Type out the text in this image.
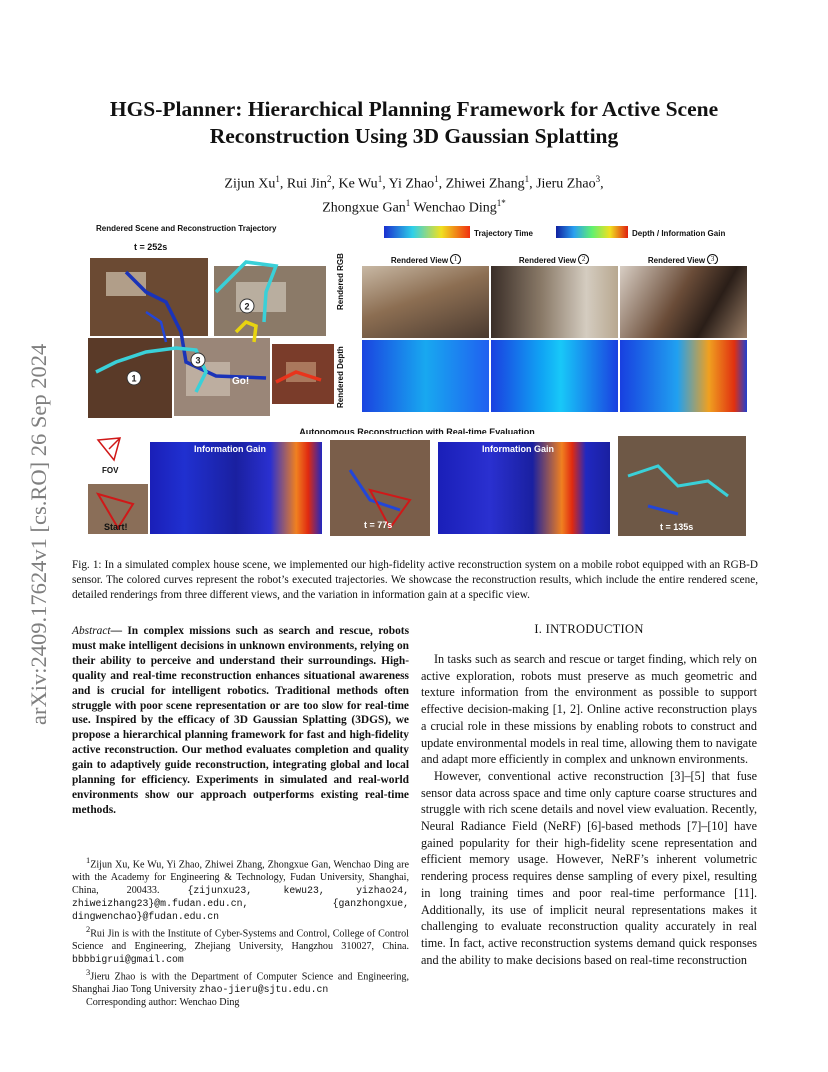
arXiv:2409.17624v1 [cs.RO] 26 Sep 2024
HGS-Planner: Hierarchical Planning Framework for Active Scene
Reconstruction Using 3D Gaussian Splatting
Zijun Xu$^1$, Rui Jin$^2$, Ke Wu$^1$, Yi Zhao$^1$, Zhiwei Zhang$^1$, Jieru Zhao$^3$,
Zhongxue Gan$^1$ Wenchao Ding$^{1*}$
Rendered Scene and Reconstruction Trajectory
t = 252s
2
3
1	Go!
Trajectory Time	Depth / Information Gain
Rendered RGB
Rendered Depth
Rendered View 1	Rendered View 2	Rendered View 3
Autonomous Reconstruction with Real-time Evaluation
FOV
Start!
Information Gain
t = 77s
Information Gain
t = 135s
Fig. 1: In a simulated complex house scene, we implemented our high-fidelity active reconstruction system on a mobile robot equipped with an RGB-D sensor. The colored curves represent the robot’s executed trajectories. We showcase the reconstruction results, which include the entire rendered scene, detailed renderings from three different views, and the variation in information gain at a specific view.
Abstract— In complex missions such as search and rescue, robots must make intelligent decisions in unknown environments, relying on their ability to perceive and understand their surroundings. High-quality and real-time reconstruction enhances situational awareness and is crucial for intelligent robotics. Traditional methods often struggle with poor scene representation or are too slow for real-time use. Inspired by the efficacy of 3D Gaussian Splatting (3DGS), we propose a hierarchical planning framework for fast and high-fidelity active reconstruction. Our method evaluates completion and quality gain to adaptively guide reconstruction, integrating global and local planning for efficiency. Experiments in simulated and real-world environments show our approach outperforms existing real-time methods.

$^1$Zijun Xu, Ke Wu, Yi Zhao, Zhiwei Zhang, Zhongxue Gan, Wenchao Ding are with the Academy for Engineering & Technology, Fudan University, Shanghai, China, 200433. {zijunxu23, kewu23, yizhao24, zhiweizhang23}@m.fudan.edu.cn, {ganzhongxue, dingwenchao}@fudan.edu.cn

$^2$Rui Jin is with the Institute of Cyber-Systems and Control, College of Control Science and Engineering, Zhejiang University, Hangzhou 310027, China. bbbbigrui@gmail.com

$^3$Jieru Zhao is with the Department of Computer Science and Engineering, Shanghai Jiao Tong University zhao-jieru@sjtu.edu.cn

Corresponding author: Wenchao Ding

I. INTRODUCTION

In tasks such as search and rescue or target finding, which rely on active exploration, robots must preserve as much geometric and texture information from the environment as possible to support effective decision-making [1, 2]. Online active reconstruction plays a crucial role in these missions by enabling robots to construct and update environmental models in real time, allowing them to navigate and adapt more efficiently in complex and unknown environments.

However, conventional active reconstruction [3]–[5] that fuse sensor data across space and time only capture coarse structures and struggle with rich scene details and novel view evaluation. Recently, Neural Radiance Field (NeRF) [6]-based methods [7]–[10] have gained popularity for their high-fidelity scene representation and efficient memory usage. However, NeRF’s inherent volumetric rendering process requires dense sampling of every pixel, resulting in long training times and poor real-time performance [11]. Additionally, its use of implicit neural representations makes it challenging to evaluate reconstruction quality accurately in real time. In fact, active reconstruction systems demand quick responses and the ability to make decisions based on real-time reconstruction
